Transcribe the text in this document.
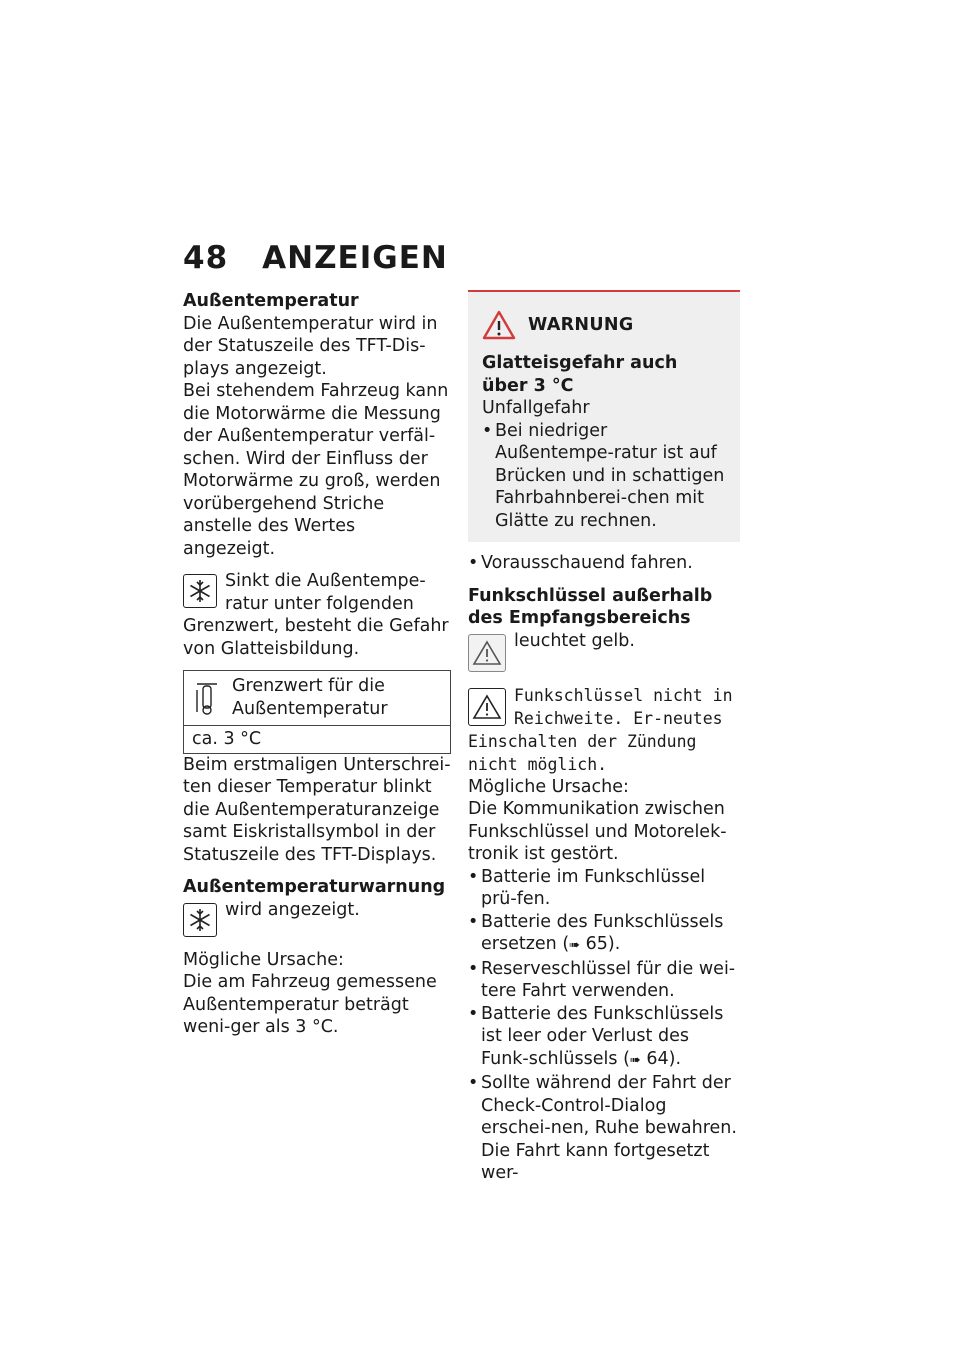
48 ANZEIGEN

Außentemperatur

Die Außentemperatur wird in der Statuszeile des TFT-Dis-plays angezeigt.

Bei stehendem Fahrzeug kann die Motorwärme die Messung der Außentemperatur verfäl-schen. Wird der Einfluss der Motorwärme zu groß, werden vorübergehend Striche anstelle des Wertes angezeigt.

Sinkt die Außentempe-ratur unter folgenden Grenzwert, besteht die Gefahr von Glatteisbildung.

Grenzwert für die Außentemperatur

ca. 3 °C

Beim erstmaligen Unterschrei-ten dieser Temperatur blinkt die Außentemperaturanzeige samt Eiskristallsymbol in der Statuszeile des TFT-Displays.

Außentemperaturwarnung

wird angezeigt.

Mögliche Ursache:

Die am Fahrzeug gemessene Außentemperatur beträgt weni-ger als 3 °C.

WARNUNG

Glatteisgefahr auch über 3 °C

Unfallgefahr

• Bei niedriger Außentempe-ratur ist auf Brücken und in schattigen Fahrbahnberei-chen mit Glätte zu rechnen.

• Vorausschauend fahren.

Funkschlüssel außerhalb des Empfangsbereichs

leuchtet gelb.

Funkschlüssel nicht in Reichweite. Er-neutes Einschalten der Zündung nicht möglich.

Mögliche Ursache:

Die Kommunikation zwischen Funkschlüssel und Motorelek-tronik ist gestört.

• Batterie im Funkschlüssel prü-fen.

• Batterie des Funkschlüssels ersetzen (➠ 65).

• Reserveschlüssel für die wei-tere Fahrt verwenden.

• Batterie des Funkschlüssels ist leer oder Verlust des Funk-schlüssels (➠ 64).

• Sollte während der Fahrt der Check-Control-Dialog erschei-nen, Ruhe bewahren. Die Fahrt kann fortgesetzt wer-
